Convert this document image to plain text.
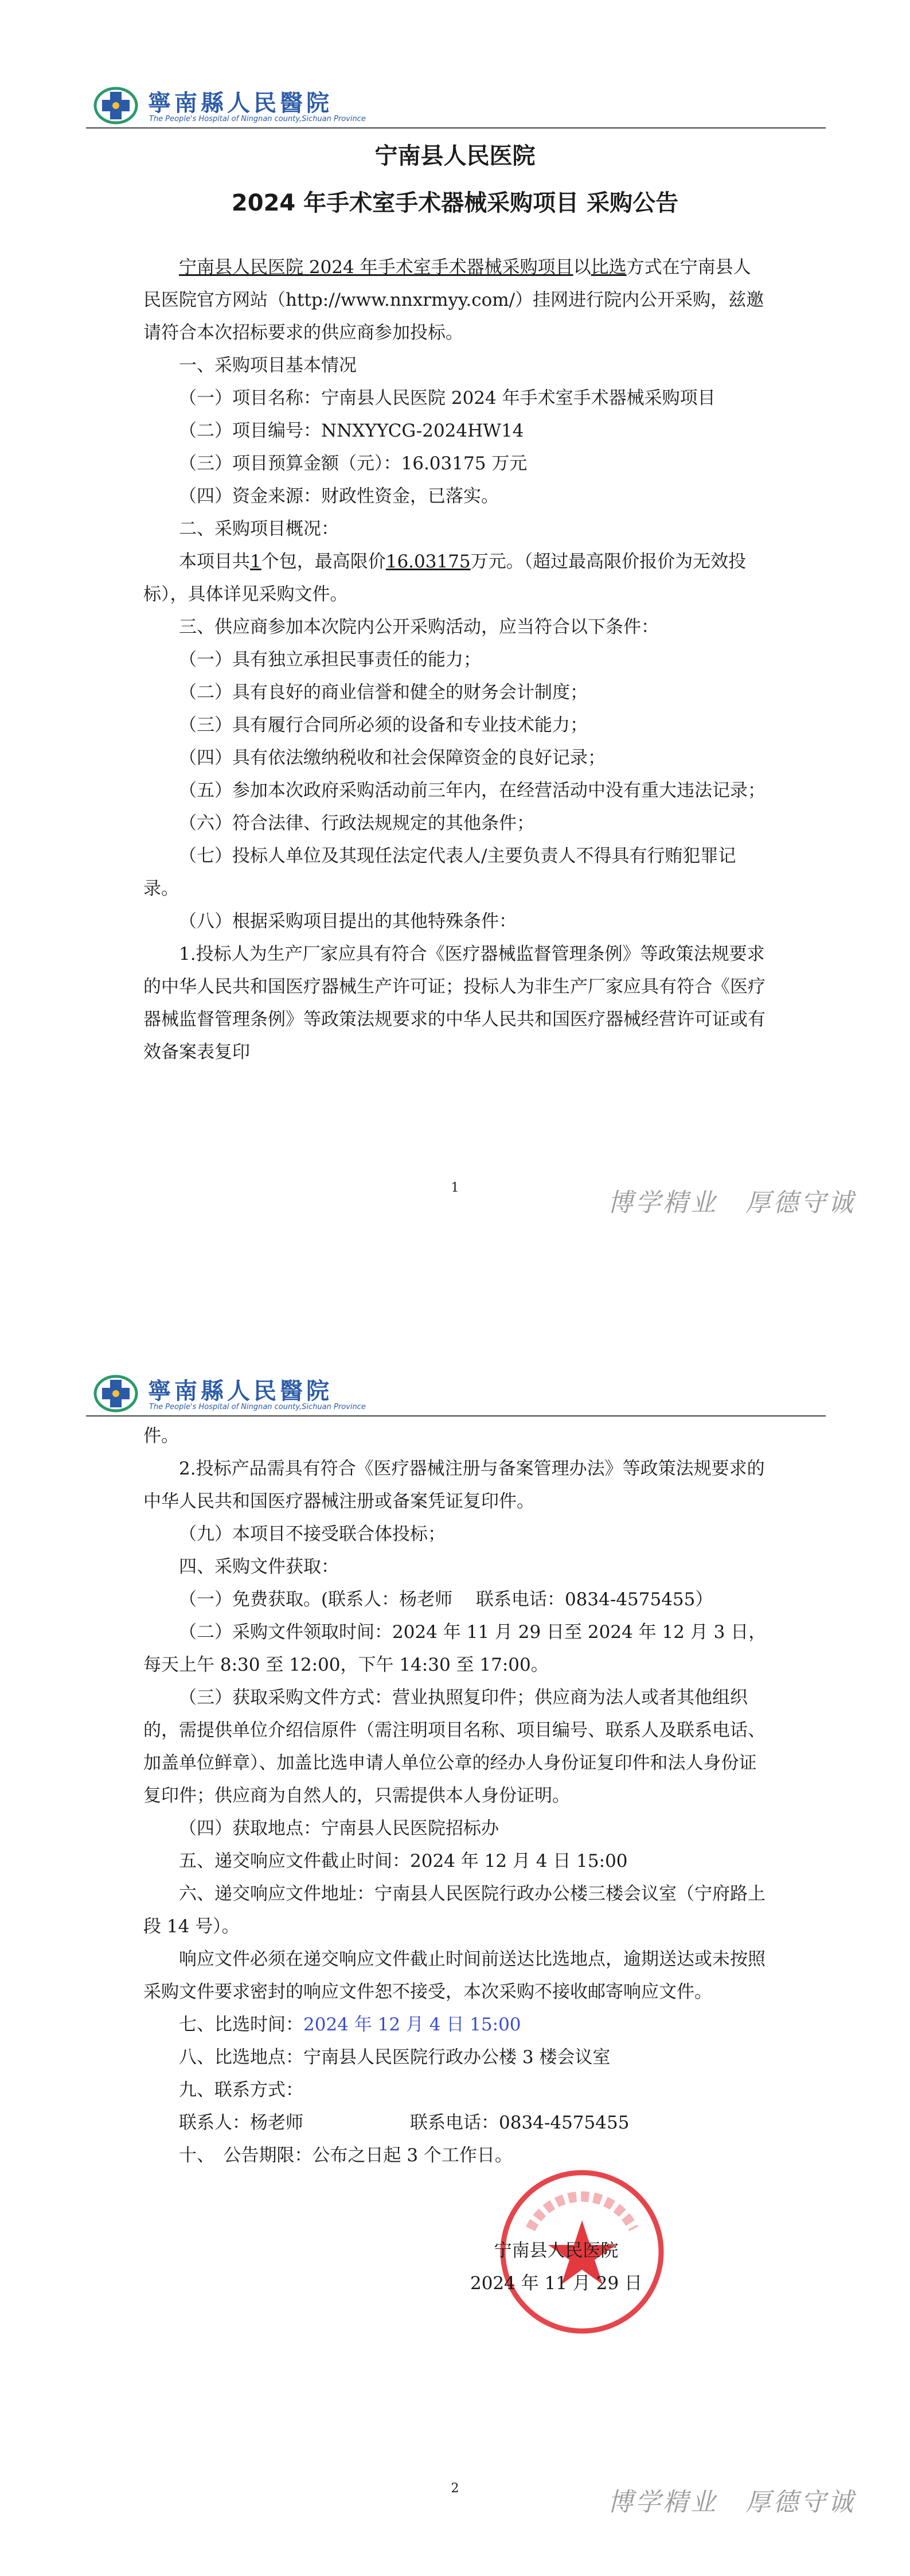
寧南縣人民醫院
The People's Hospital of Ningnan county,Sichuan Province
宁南县人民医院
2024 年手术室手术器械采购项目 采购公告

宁南县人民医院 2024 年手术室手术器械采购项目以比选方式在宁南县人民医院官方网站（http://www.nnxrmyy.com/）挂网进行院内公开采购，兹邀请符合本次招标要求的供应商参加投标。

一、采购项目基本情况

（一）项目名称：宁南县人民医院 2024 年手术室手术器械采购项目

（二）项目编号：NNXYYCG-2024HW14

（三）项目预算金额（元）：16.03175 万元

（四）资金来源：财政性资金，已落实。

二、采购项目概况：

本项目共1个包，最高限价16.03175万元。（超过最高限价报价为无效投标），具体详见采购文件。

三、供应商参加本次院内公开采购活动，应当符合以下条件：

（一）具有独立承担民事责任的能力；

（二）具有良好的商业信誉和健全的财务会计制度；

（三）具有履行合同所必须的设备和专业技术能力；

（四）具有依法缴纳税收和社会保障资金的良好记录；

（五）参加本次政府采购活动前三年内，在经营活动中没有重大违法记录；

（六）符合法律、行政法规规定的其他条件；

（七）投标人单位及其现任法定代表人/主要负责人不得具有行贿犯罪记录。

（八）根据采购项目提出的其他特殊条件：

1.投标人为生产厂家应具有符合《医疗器械监督管理条例》等政策法规要求的中华人民共和国医疗器械生产许可证；投标人为非生产厂家应具有符合《医疗器械监督管理条例》等政策法规要求的中华人民共和国医疗器械经营许可证或有效备案表复印

1
博学精业　厚德守诚
寧南縣人民醫院
The People's Hospital of Ningnan county,Sichuan Province

件。

2.投标产品需具有符合《医疗器械注册与备案管理办法》等政策法规要求的中华人民共和国医疗器械注册或备案凭证复印件。

（九）本项目不接受联合体投标；

四、采购文件获取：

（一）免费获取。(联系人：杨老师　 联系电话：0834-4575455）

（二）采购文件领取时间：2024 年 11 月 29 日至 2024 年 12 月 3 日，每天上午 8:30 至 12:00，下午 14:30 至 17:00。

（三）获取采购文件方式：营业执照复印件；供应商为法人或者其他组织的，需提供单位介绍信原件（需注明项目名称、项目编号、联系人及联系电话、加盖单位鲜章）、加盖比选申请人单位公章的经办人身份证复印件和法人身份证复印件；供应商为自然人的，只需提供本人身份证明。

（四）获取地点：宁南县人民医院招标办

五、递交响应文件截止时间：2024 年 12 月 4 日 15:00

六、递交响应文件地址：宁南县人民医院行政办公楼三楼会议室（宁府路上段 14 号）。

响应文件必须在递交响应文件截止时间前送达比选地点，逾期送达或未按照采购文件要求密封的响应文件恕不接受，本次采购不接收邮寄响应文件。

七、比选时间：2024 年 12 月 4 日 15:00

八、比选地点：宁南县人民医院行政办公楼 3 楼会议室

九、联系方式：

联系人：杨老师　　　　　　联系电话：0834-4575455

十、　公告期限：公布之日起 3 个工作日。

宁南县人民医院
2024 年 11 月 29 日
2	博学精业　厚德守诚
